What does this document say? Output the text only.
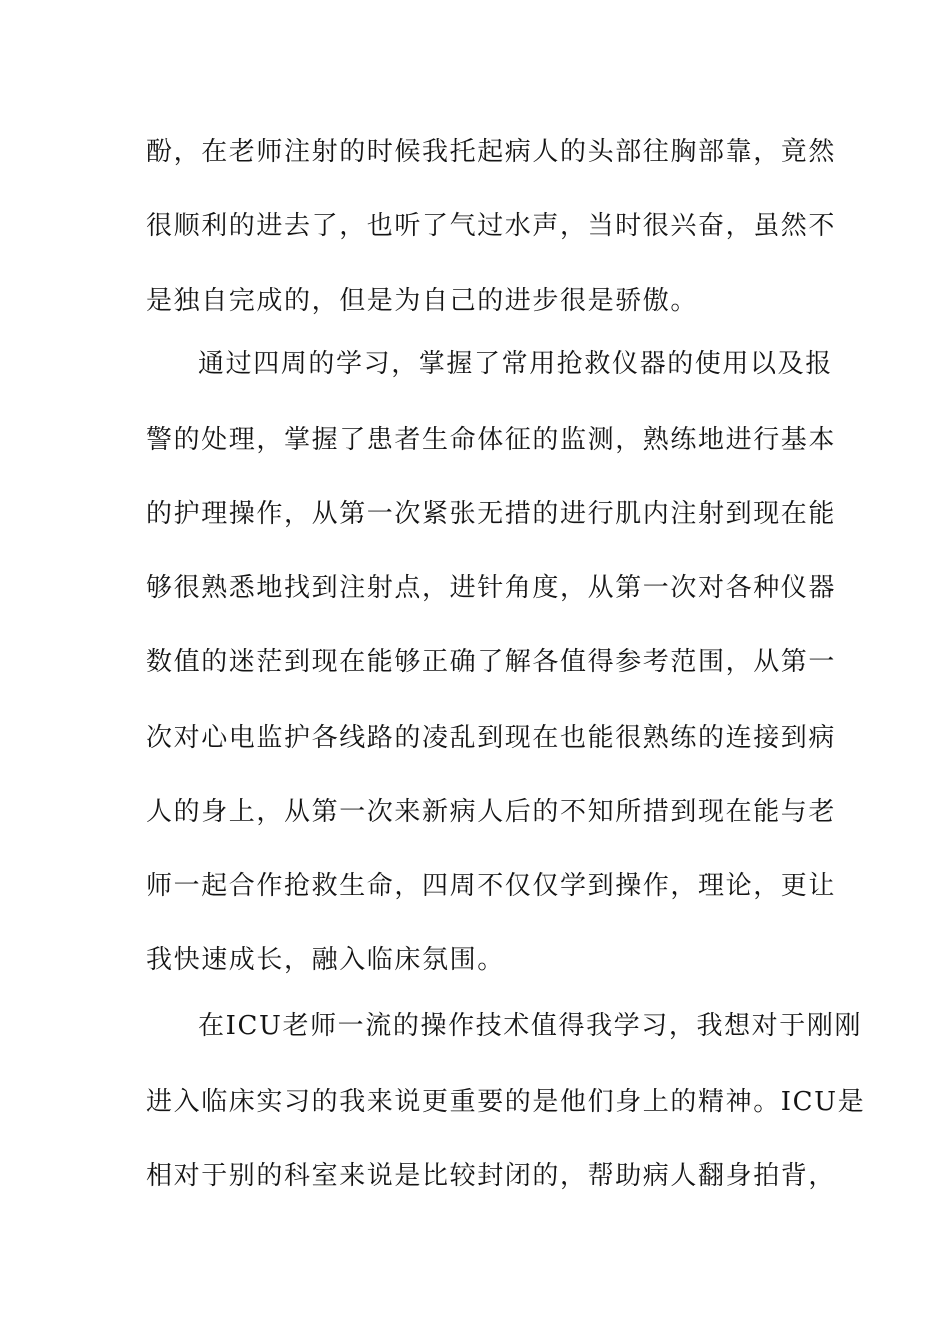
酚，在老师注射的时候我托起病人的头部往胸部靠，竟然
很顺利的进去了，也听了气过水声，当时很兴奋，虽然不
是独自完成的，但是为自己的进步很是骄傲。
通过四周的学习，掌握了常用抢救仪器的使用以及报
警的处理，掌握了患者生命体征的监测，熟练地进行基本
的护理操作，从第一次紧张无措的进行肌内注射到现在能
够很熟悉地找到注射点，进针角度，从第一次对各种仪器
数值的迷茫到现在能够正确了解各值得参考范围，从第一
次对心电监护各线路的凌乱到现在也能很熟练的连接到病
人的身上，从第一次来新病人后的不知所措到现在能与老
师一起合作抢救生命，四周不仅仅学到操作，理论，更让
我快速成长，融入临床氛围。
在ICU老师一流的操作技术值得我学习，我想对于刚刚
进入临床实习的我来说更重要的是他们身上的精神。ICU是
相对于别的科室来说是比较封闭的，帮助病人翻身拍背，
